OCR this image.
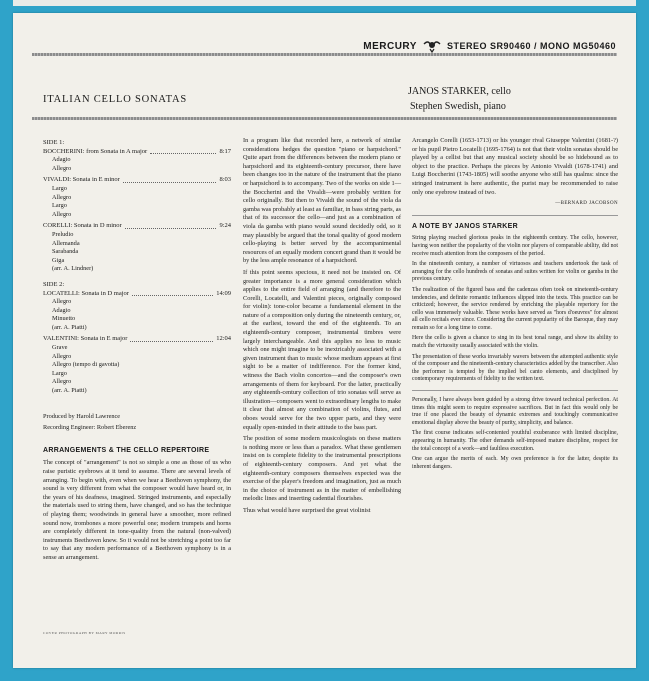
MERCURY	STEREO SR90460 / MONO MG50460
ITALIAN CELLO SONATAS
JANOS STARKER, cello
Stephen Swedish, piano
SIDE 1:
BOCCHERINI: from Sonata in A major	8:17
Adagio
Allegro
VIVALDI: Sonata in E minor	8:03
Largo
Allegro
Largo
Allegro
CORELLI: Sonata in D minor	9:24
Preludio
Allemanda
Sarabanda
Giga
(arr. A. Lindner)
SIDE 2:
LOCATELLI: Sonata in D major	14:09
Allegro
Adagio
Minuetto
(arr. A. Piatti)
VALENTINI: Sonata in E major	12:04
Grave
Allegro
Allegro (tempo di gavotta)
Largo
Allegro
(arr. A. Piatti)
Produced by Harold Lawrence
Recording Engineer: Robert Eberenz
ARRANGEMENTS & THE CELLO REPERTOIRE

The concept of "arrangement" is not so simple a one as those of us who raise puristic eyebrows at it tend to assume. There are several levels of arranging. To begin with, even when we hear a Beethoven symphony, the sound is very different from what the composer would have heard or, in the years of his deafness, imagined. Stringed instruments, and especially the materials used to string them, have changed, and so has the technique of playing them; woodwinds in general have a smoother, more refined sound now, trombones a more powerful one; modern trumpets and horns are completely different in tone-quality from the natural (non-valved) instruments Beethoven knew. So it would not be stretching a point too far to say that any modern performance of a Beethoven symphony is in a sense an arrangement.

In a program like that recorded here, a network of similar considerations hedges the question "piano or harpsichord." Quite apart from the differences between the modern piano or harpsichord and its eighteenth-century precursor, there have been changes too in the nature of the instrument that the piano or harpsichord is to accompany. Two of the works on side 1—the Boccherini and the Vivaldi—were probably written for cello originally. But then to Vivaldi the sound of the viola da gamba was probably at least as familiar, in bass string parts, as that of its successor the cello—and just as a combination of viola da gamba with piano would sound decidedly odd, so it may plausibly be argued that the tonal quality of good modern cello-playing is better served by the accompanimental resources of an equally modern concert grand than it would be by the less ample resonance of a harpsichord.

If this point seems specious, it need not be insisted on. Of greater importance is a more general consideration which applies to the entire field of arranging (and therefore to the Corelli, Locatelli, and Valentini pieces, originally composed for violin): tone-color became a fundamental element in the nature of a composition only during the nineteenth century, or, at the earliest, toward the end of the eighteenth. To an eighteenth-century composer, instrumental timbres were largely interchangeable. And this applies no less to music which one might imagine to be inextricably associated with a given instrument than to music whose medium appears at first sight to be a matter of indifference. For the former kind, witness the Bach violin concertos—and the composer's own arrangements of them for keyboard. For the latter, practically any eighteenth-century collection of trio sonatas will serve as illustration—composers went to extraordinary lengths to make it clear that almost any combination of violins, flutes, and oboes would serve for the two upper parts, and they were equally open-minded in their attitude to the bass part.

The position of some modern musicologists on these matters is nothing more or less than a paradox. What these gentlemen insist on is complete fidelity to the instrumental prescriptions of eighteenth-century composers. And yet what the eighteenth-century composers themselves expected was the exercise of the player's freedom and imagination, just as much in the choice of instrument as in the matter of embellishing melodic lines and inserting cadential flourishes.

Thus what would have surprised the great violinist

Arcangelo Corelli (1653-1713) or his younger rival Giuseppe Valentini (1681-?) or his pupil Pietro Locatelli (1695-1764) is not that their violin sonatas should be played by a cellist but that any musical society should be so hidebound as to object to the practice. Perhaps the pieces by Antonio Vivaldi (1678-1741) and Luigi Boccherini (1743-1805) will soothe anyone who still has qualms: since the stringed instrument is here authentic, the purist may be recommended to raise only one eyebrow instead of two.

—BERNARD JACOBSON
A NOTE BY JANOS STARKER

String playing reached glorious peaks in the eighteenth century. The cello, however, having won neither the popularity of the violin nor players of comparable ability, did not receive much attention from the composers of the period.

In the nineteenth century, a number of virtuosos and teachers undertook the task of arranging for the cello hundreds of sonatas and suites written for violin or gamba in the previous century.

The realization of the figured bass and the cadenzas often took on nineteenth-century tendencies, and definite romantic influences slipped into the texts. This practice can be criticized; however, the service rendered by enriching the playable repertory for the cello was immensely valuable. These works have served as "hors d'oeuvres" for almost all cello recitals ever since. Considering the current popularity of the Baroque, they may remain so for a long time to come.

Here the cello is given a chance to sing in its best tonal range, and show its ability to match the virtuosity usually associated with the violin.

The presentation of these works invariably wavers between the attempted authentic style of the composer and the nineteenth-century characteristics added by the transcriber. Also the performer is tempted by the implied bel canto elements, and disciplined by contemporary requirements of fidelity to the written text.

Personally, I have always been guided by a strong drive toward technical perfection. At times this might seem to require expressive sacrifices. But in fact this would only be true if one placed the beauty of dynamic extremes and touchingly communicative emotional display above the beauty of purity, simplicity, and balance.

The first course indicates self-contented youthful exuberance with limited discipline, appearing in humanity. The other demands self-imposed mature discipline, respect for the total concept of a work—and faultless execution.

One can argue the merits of each. My own preference is for the latter, despite its inherent dangers.

COVER PHOTOGRAPH BY MARY MORRIS
